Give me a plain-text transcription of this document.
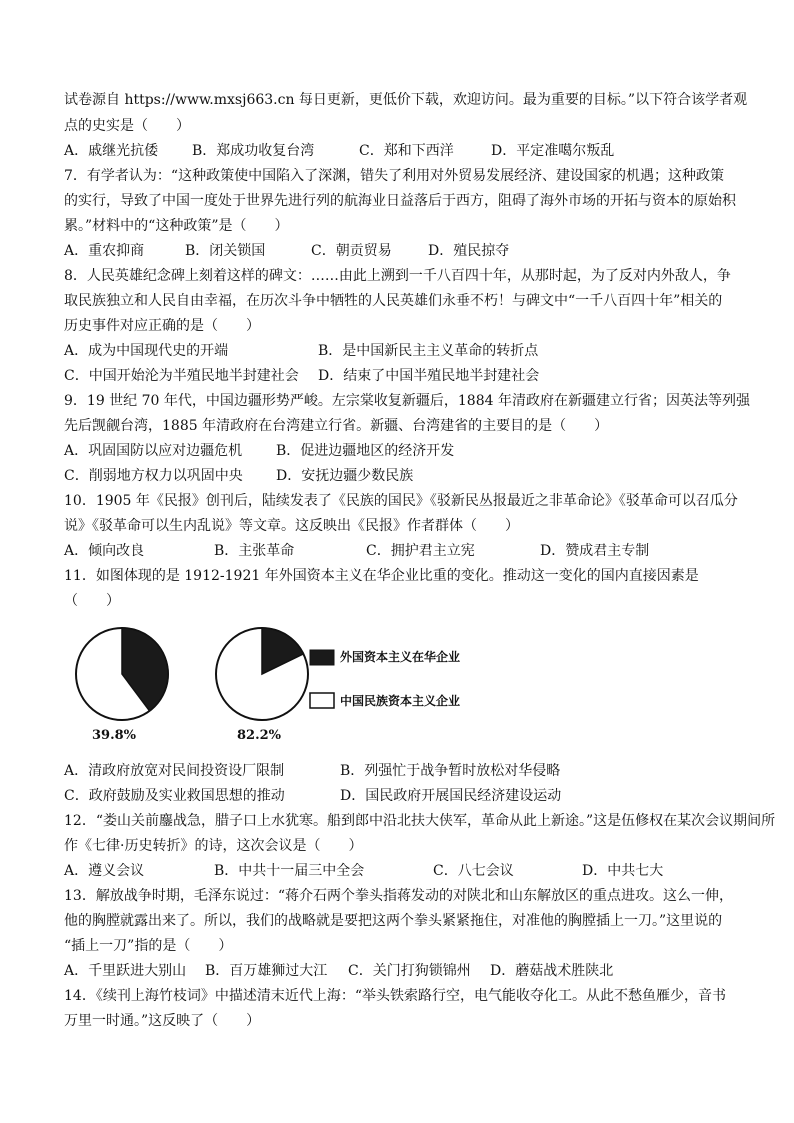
试卷源自 https://www.mxsj663.cn 每日更新，更低价下载，欢迎访问。最为重要的目标。”以下符合该学者观
点的史实是（　　）
A．戚继光抗倭 B．郑成功收复台湾	C．郑和下西洋	D．平定准噶尔叛乱
7．有学者认为：“这种政策使中国陷入了深渊，错失了利用对外贸易发展经济、建设国家的机遇；这种政策
的实行，导致了中国一度处于世界先进行列的航海业日益落后于西方，阻碍了海外市场的开拓与资本的原始积
累。”材料中的“这种政策”是（　　）
A．重农抑商	B．闭关锁国	C．朝贡贸易	D．殖民掠夺
8．人民英雄纪念碑上刻着这样的碑文：……由此上溯到一千八百四十年，从那时起，为了反对内外敌人，争
取民族独立和人民自由幸福，在历次斗争中牺牲的人民英雄们永垂不朽！与碑文中“一千八百四十年”相关的
历史事件对应正确的是（　　）
A．成为中国现代史的开端	B．是中国新民主主义革命的转折点
C．中国开始沦为半殖民地半封建社会 D．结束了中国半殖民地半封建社会
9．19 世纪 70 年代，中国边疆形势严峻。左宗棠收复新疆后，1884 年清政府在新疆建立行省；因英法等列强
先后觊觎台湾，1885 年清政府在台湾建立行省。新疆、台湾建省的主要目的是（　　）
A．巩固国防以应对边疆危机 B．促进边疆地区的经济开发
C．削弱地方权力以巩固中央 D．安抚边疆少数民族
10．1905 年《民报》创刊后，陆续发表了《民族的国民》《驳新民丛报最近之非革命论》《驳革命可以召瓜分
说》《驳革命可以生内乱说》等文章。这反映出《民报》作者群体（　　）
A．倾向改良	B．主张革命	C．拥护君主立宪	D．赞成君主专制
11．如图体现的是 1912-1921 年外国资本主义在华企业比重的变化。推动这一变化的国内直接因素是
（　　）
外国资本主义在华企业
中国民族资本主义企业
39.8%	82.2%
A．清政府放宽对民间投资设厂限制	B．列强忙于战争暂时放松对华侵略
C．政府鼓励及实业救国思想的推动	D．国民政府开展国民经济建设运动
12．“娄山关前鏖战急，腊子口上水犹寒。船到郎中沿北扶大侠军，革命从此上新途。”这是伍修权在某次会议期间所
作《七律·历史转折》的诗，这次会议是（　　）
A．遵义会议	B．中共十一届三中全会	C．八七会议	D．中共七大
13．解放战争时期，毛泽东说过：“蒋介石两个拳头指蒋发动的对陕北和山东解放区的重点进攻。这么一伸，
他的胸膛就露出来了。所以，我们的战略就是要把这两个拳头紧紧拖住，对准他的胸膛插上一刀。”这里说的
“插上一刀”指的是（　　）
A．千里跃进大别山 B．百万雄狮过大江 C．关门打狗锁锦州 D．蘑菇战术胜陕北
14．《续刊上海竹枝词》中描述清末近代上海：“举头铁索路行空，电气能收夺化工。从此不愁鱼雁少，音书
万里一时通。”这反映了（　　）
